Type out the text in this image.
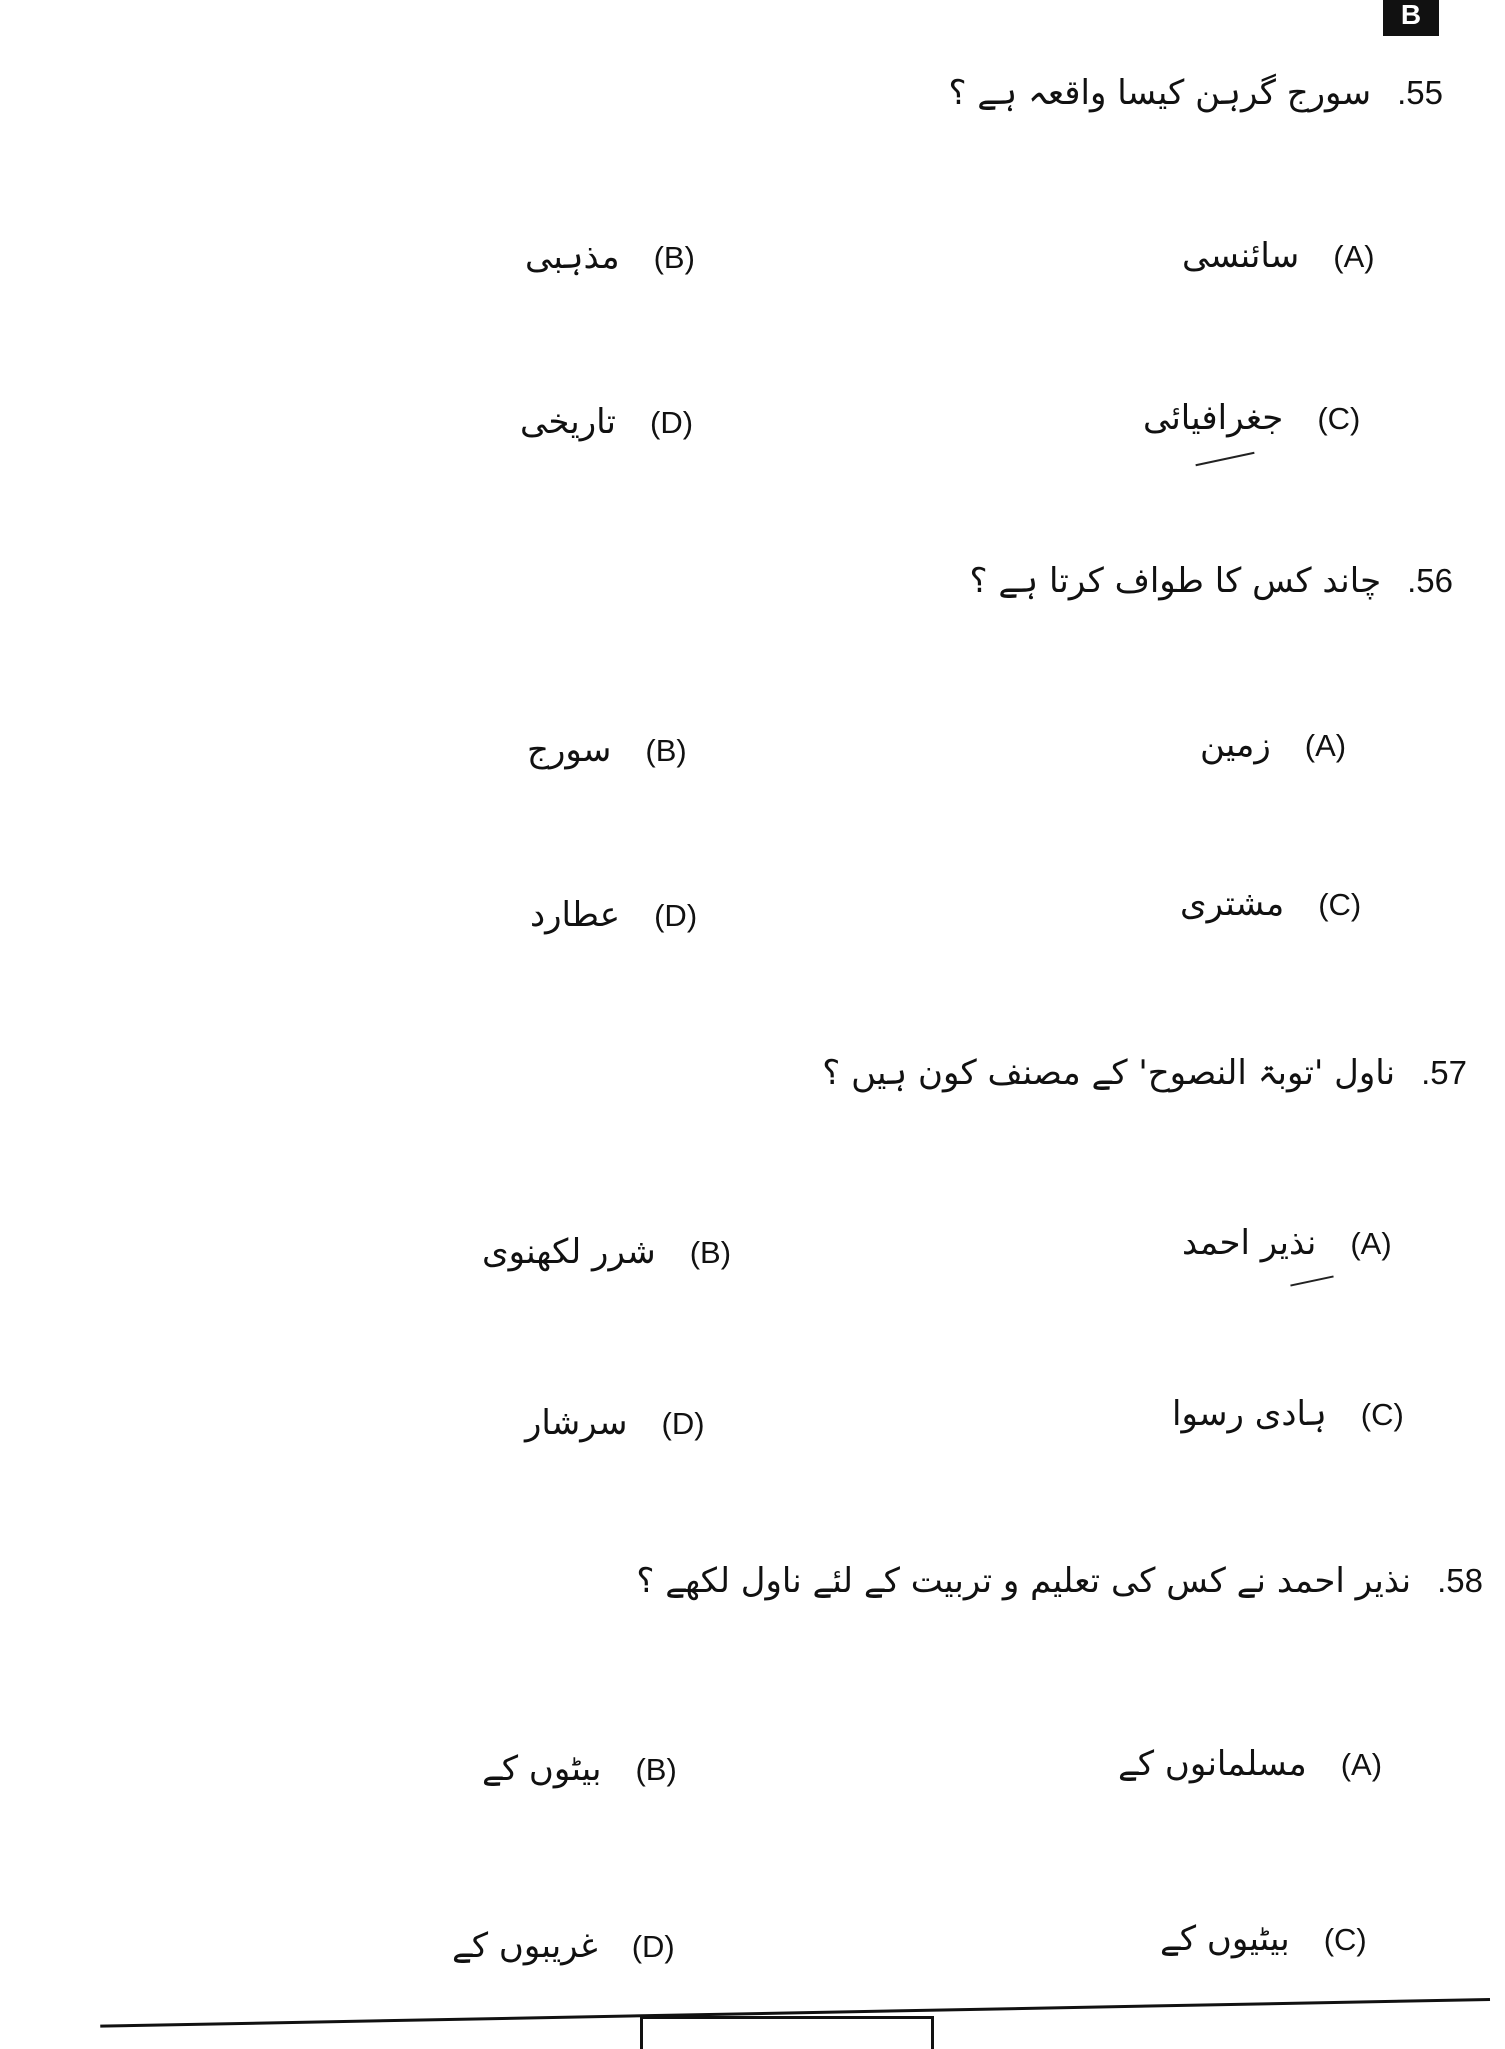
B
سورج گرہن کیسا واقعہ ہے ؟ .55
سائنسی (A)
مذہبی (B)
جغرافیائی (C)
تاریخی (D)
چاند کس کا طواف کرتا ہے ؟ .56
زمین (A)
سورج (B)
مشتری (C)
عطارد (D)
ناول 'توبۃ النصوح' کے مصنف کون ہیں ؟ .57
نذیر احمد (A)
شرر لکھنوی (B)
ہادی رسوا (C)
سرشار (D)
نذیر احمد نے کس کی تعلیم و تربیت کے لئے ناول لکھے ؟ .58
مسلمانوں کے (A)
بیٹوں کے (B)
بیٹیوں کے (C)
غریبوں کے (D)
